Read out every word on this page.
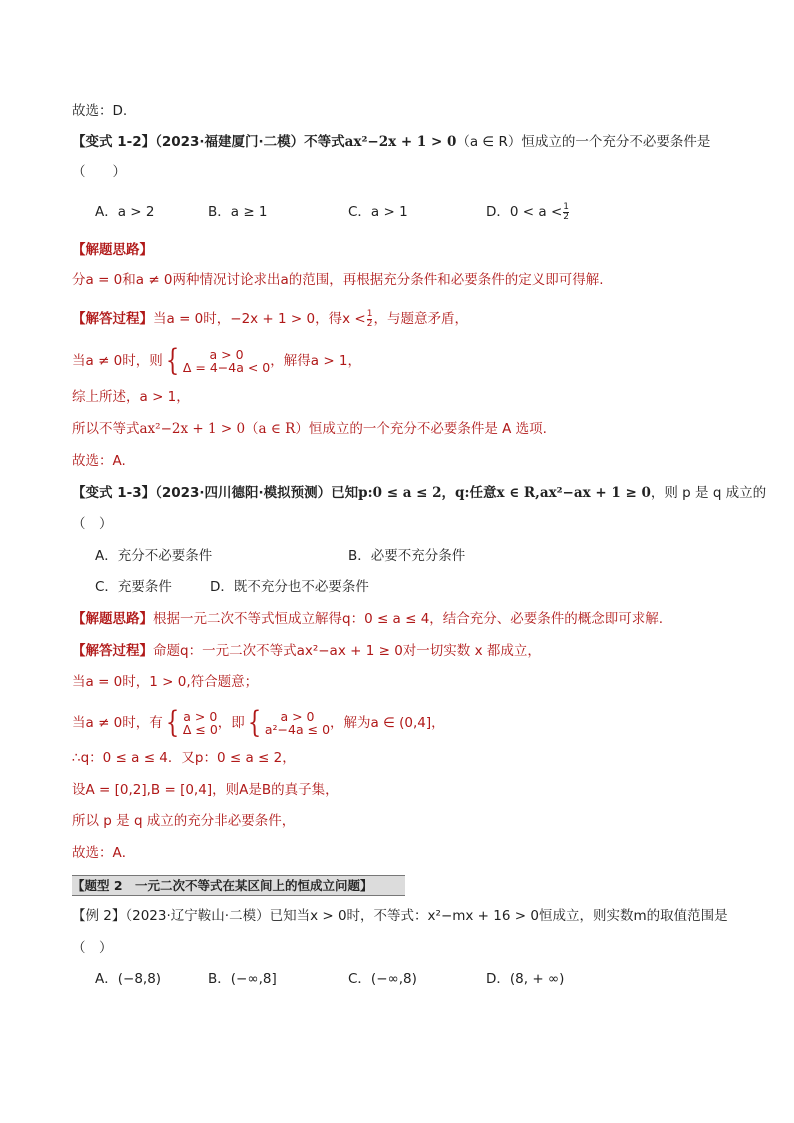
故选：D.
【变式 1-2】（2023·福建厦门·二模）不等式ax²−2x + 1 > 0（a ∈ R）恒成立的一个充分不必要条件是
（　　）
A．a > 2	B．a ≥ 1	C．a > 1	D．$0 < a < \frac{1}{2}$
【解题思路】
分a = 0和a ≠ 0两种情况讨论求出a的范围，再根据充分条件和必要条件的定义即可得解.
【解答过程】当a = 0时，−2x + 1 > 0，得$x < \frac{1}{2}$ ，与题意矛盾，
当a ≠ 0时，则 {	a > 0
Δ = 4−4a < 0 ，解得a > 1，
综上所述，a > 1，
所以不等式ax²−2x + 1 > 0（a ∈ R）恒成立的一个充分不必要条件是 A 选项.
故选：A.
【变式 1-3】（2023·四川德阳·模拟预测）已知p:0 ≤ a ≤ 2，q:任意x ∈ R,ax²−ax + 1 ≥ 0，则 p 是 q 成立的
（　）
A．充分不必要条件	B．必要不充分条件
C．充要条件	D．既不充分也不必要条件
【解题思路】根据一元二次不等式恒成立解得q：0 ≤ a ≤ 4，结合充分、必要条件的概念即可求解.
【解答过程】命题q：一元二次不等式ax²−ax + 1 ≥ 0对一切实数 x 都成立，
当a = 0时，1 > 0,符合题意；
当a ≠ 0时，有 { a > 0
Δ ≤ 0 ，即 {	a > 0
a²−4a ≤ 0 ，解为a ∈ (0,4]，
∴q：0 ≤ a ≤ 4．又p：0 ≤ a ≤ 2，
设A = [0,2],B = [0,4]，则A是B的真子集，
所以 p 是 q 成立的充分非必要条件，
故选：A．
【题型 2　一元二次不等式在某区间上的恒成立问题】
【例 2】（2023·辽宁鞍山·二模）已知当x > 0时，不等式：x²−mx + 16 > 0恒成立，则实数m的取值范围是
（　）
A．(−8,8)	B．(−∞,8]	C．(−∞,8)	D．(8, + ∞)
